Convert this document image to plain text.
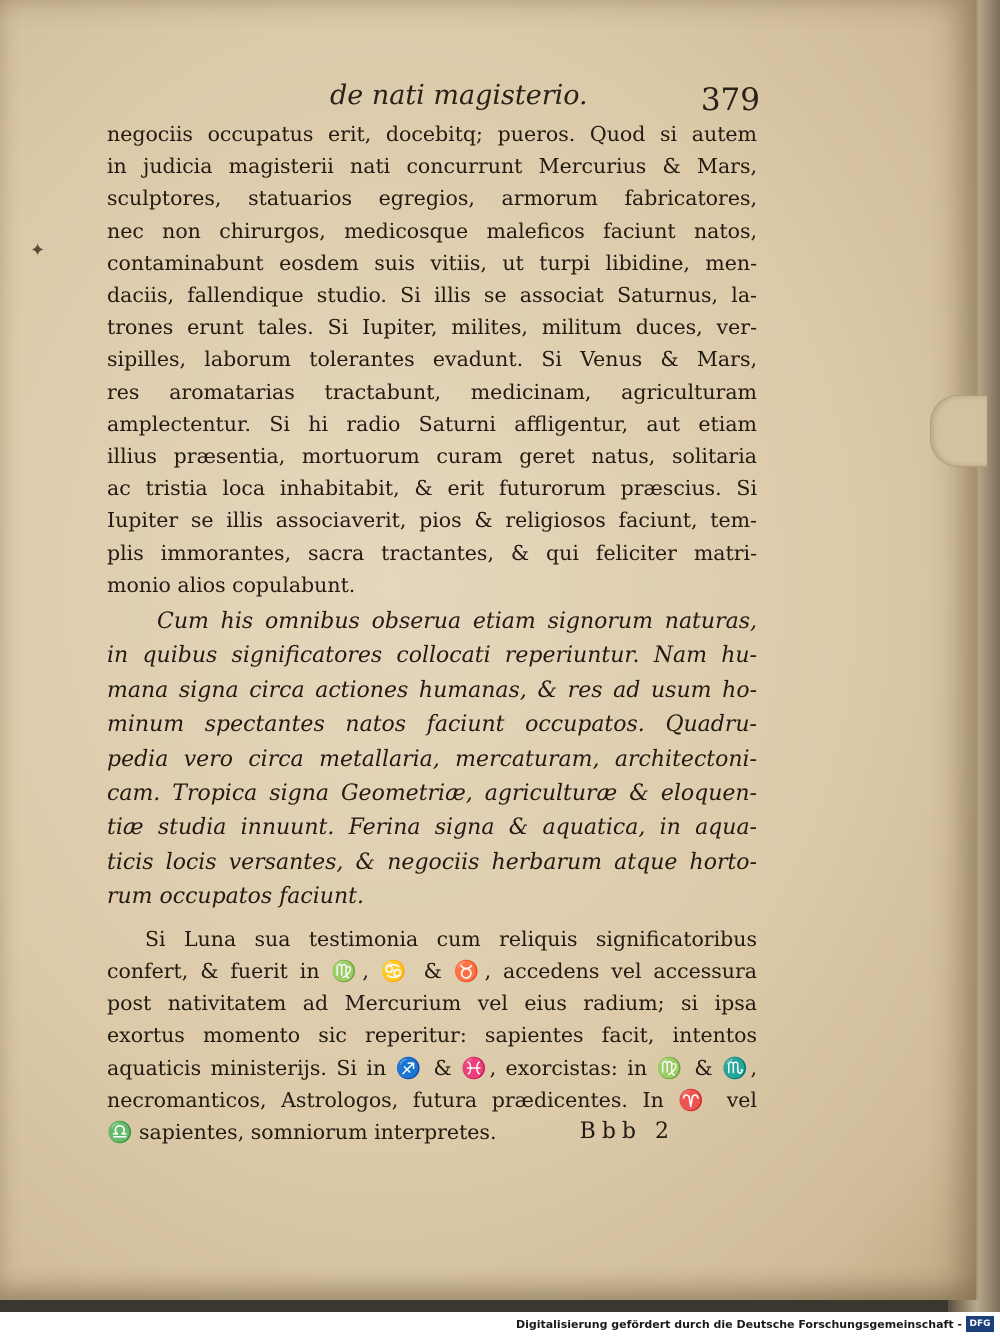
✦
de nati magisterio.	379

negociis occupatus erit, docebitq; pueros. Quod si autem
in judicia magisterii nati concurrunt Mercurius & Mars,
sculptores, statuarios egregios, armorum fabricatores,
nec non chirurgos, medicosque maleficos faciunt natos,
contaminabunt eosdem suis vitiis, ut turpi libidine, men-
daciis, fallendique studio. Si illis se associat Saturnus, la-
trones erunt tales. Si Iupiter, milites, militum duces, ver-
sipilles, laborum tolerantes evadunt. Si Venus & Mars,
res aromatarias tractabunt, medicinam, agriculturam
amplectentur. Si hi radio Saturni affligentur, aut etiam
illius præsentia, mortuorum curam geret natus, solitaria
ac tristia loca inhabitabit, & erit futurorum præscius. Si
Iupiter se illis associaverit, pios & religiosos faciunt, tem-
plis immorantes, sacra tractantes, & qui feliciter matri-
monio alios copulabunt.

Cum his omnibus obserua etiam signorum naturas,
in quibus significatores collocati reperiuntur. Nam hu-
mana signa circa actiones humanas, & res ad usum ho-
minum spectantes natos faciunt occupatos. Quadru-
pedia vero circa metallaria, mercaturam, architectoni-
cam. Tropica signa Geometriæ, agriculturæ & eloquen-
tiæ studia innuunt. Ferina signa & aquatica, in aqua-
ticis locis versantes, & negociis herbarum atque horto-
rum occupatos faciunt.

Si Luna sua testimonia cum reliquis significatoribus
confert, & fuerit in ♍, ♋ & ♉, accedens vel accessura
post nativitatem ad Mercurium vel eius radium; si ipsa
exortus momento sic reperitur: sapientes facit, intentos
aquaticis ministerijs. Si in ♐ & ♓, exorcistas: in ♍ & ♏,
necromanticos, Astrologos, futura prædicentes. In ♈ vel
♎ sapientes, somniorum interpretes.	Bbb 2

Digitalisierung gefördert durch die Deutsche Forschungsgemeinschaft - DFG
